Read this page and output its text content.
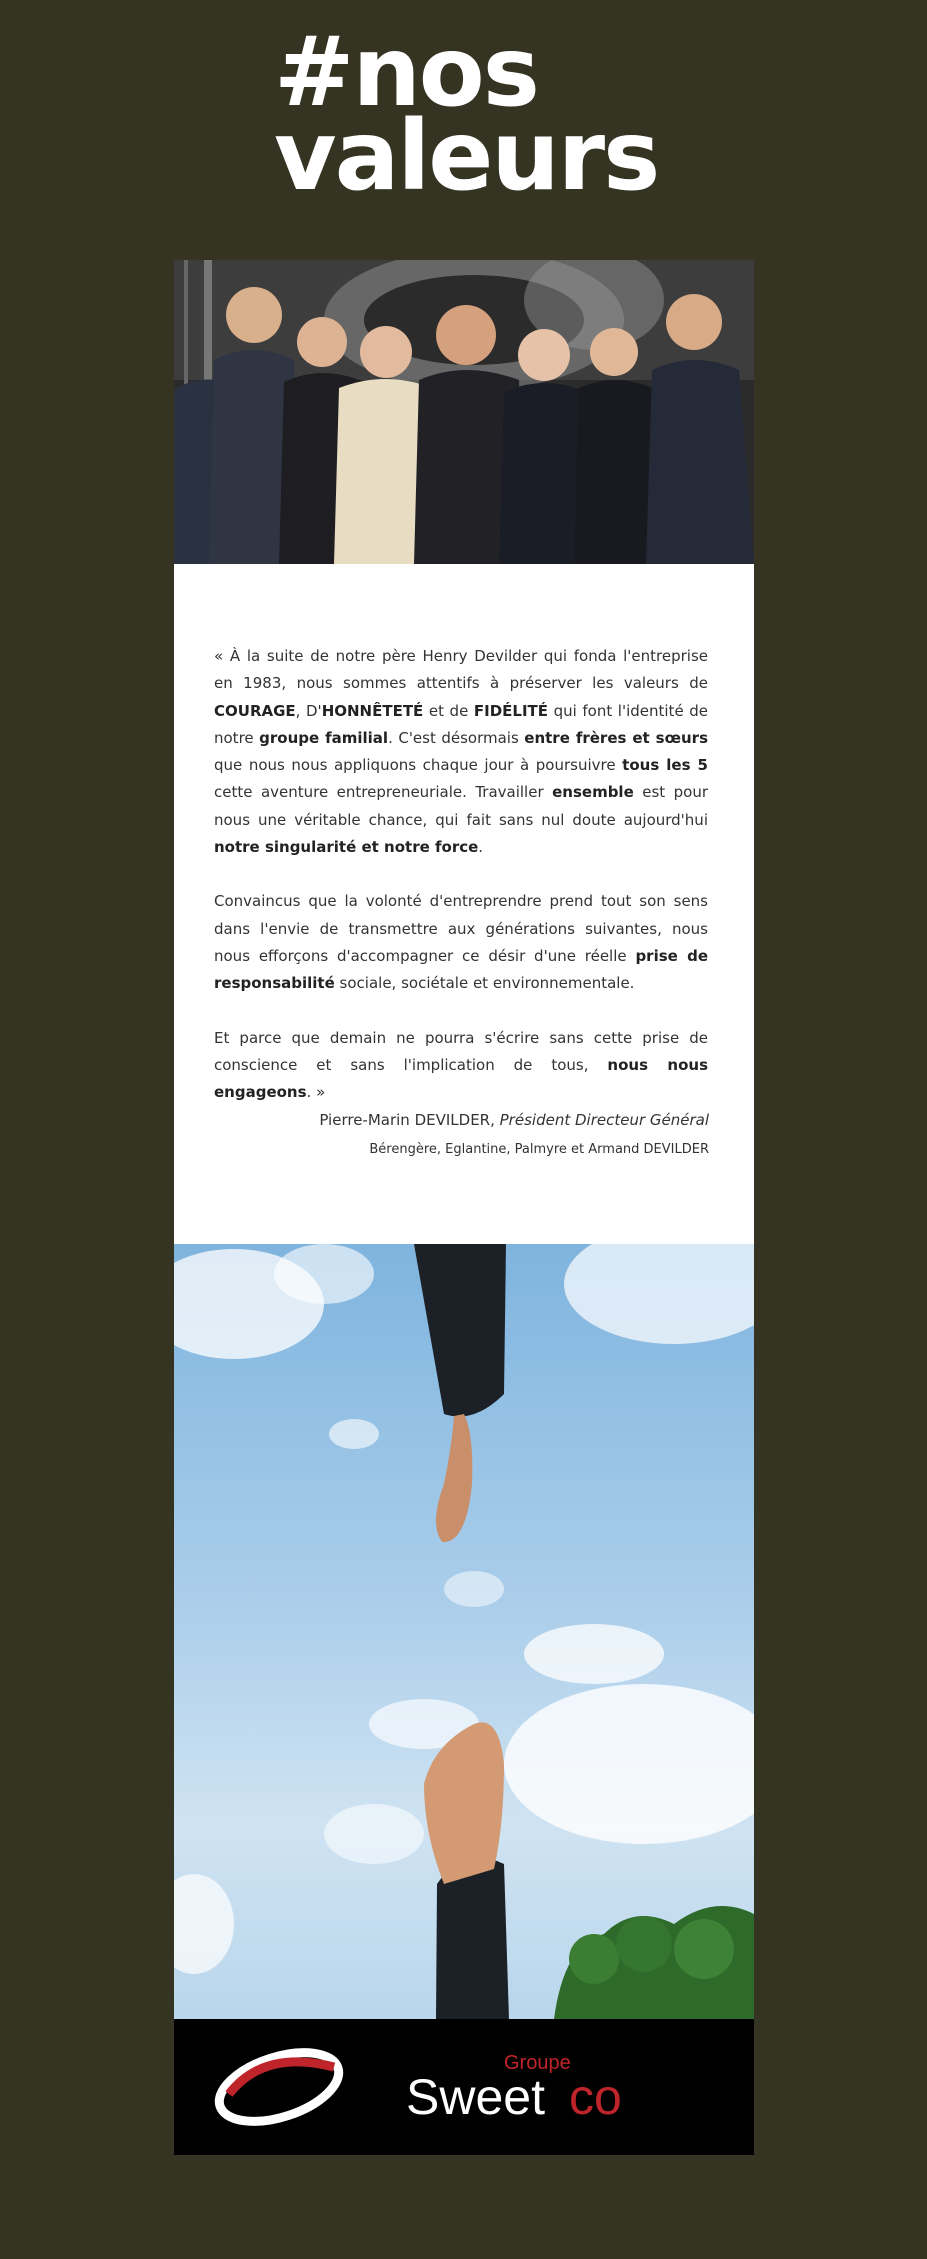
#nos
valeurs

« À la suite de notre père Henry Devilder qui fonda l'entreprise en 1983, nous sommes attentifs à préserver les valeurs de COURAGE, D'HONNÊTETÉ et de FIDÉLITÉ qui font l'identité de notre groupe familial. C'est désormais entre frères et sœurs que nous nous appliquons chaque jour à poursuivre tous les 5 cette aventure entrepreneuriale. Travailler ensemble est pour nous une véritable chance, qui fait sans nul doute aujourd'hui notre singularité et notre force.

Convaincus que la volonté d'entreprendre prend tout son sens dans l'envie de transmettre aux générations suivantes, nous nous efforçons d'accompagner ce désir d'une réelle prise de responsabilité sociale, sociétale et environnementale.

Et parce que demain ne pourra s'écrire sans cette prise de conscience et sans l'implication de tous, nous nous engageons. »

Pierre-Marin DEVILDER, Président Directeur Général
Bérengère, Eglantine, Palmyre et Armand DEVILDER
Groupe
Sweet co
